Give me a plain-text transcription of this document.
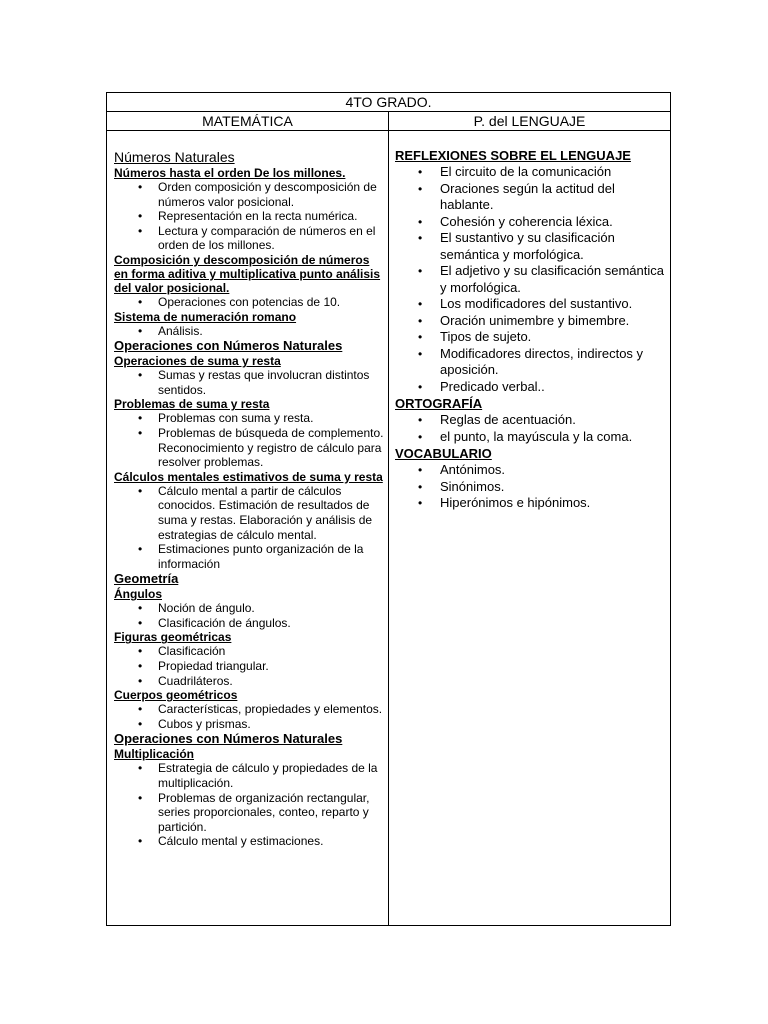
4TO GRADO.
MATEMÁTICA	P. del LENGUAJE
Números Naturales
Números hasta el orden De los millones.
• Orden composición y descomposición de números valor posicional.
• Representación en la recta numérica.
• Lectura y comparación de números en el orden de los millones.
Composición y descomposición de números en forma aditiva y multiplicativa punto análisis del valor posicional.
• Operaciones con potencias de 10.
Sistema de numeración romano
• Análisis.
Operaciones con Números Naturales
Operaciones de suma y resta
• Sumas y restas que involucran distintos sentidos.
Problemas de suma y resta
• Problemas con suma y resta.
• Problemas de búsqueda de complemento. Reconocimiento y registro de cálculo para resolver problemas.
Cálculos mentales estimativos de suma y resta
• Cálculo mental a partir de cálculos conocidos. Estimación de resultados de suma y restas. Elaboración y análisis de estrategias de cálculo mental.
• Estimaciones punto organización de la información
Geometría
Ángulos
• Noción de ángulo.
• Clasificación de ángulos.
Figuras geométricas
• Clasificación
• Propiedad triangular.
• Cuadriláteros.
Cuerpos geométricos
• Características, propiedades y elementos.
• Cubos y prismas.
Operaciones con Números Naturales
Multiplicación
• Estrategia de cálculo y propiedades de la multiplicación.
• Problemas de organización rectangular, series proporcionales, conteo, reparto y partición.
• Cálculo mental y estimaciones.
REFLEXIONES SOBRE EL LENGUAJE
• El circuito de la comunicación
• Oraciones según la actitud del hablante.
• Cohesión y coherencia léxica.
• El sustantivo y su clasificación semántica y morfológica.
• El adjetivo y su clasificación semántica y morfológica.
• Los modificadores del sustantivo.
• Oración unimembre y bimembre.
• Tipos de sujeto.
• Modificadores directos, indirectos y aposición.
• Predicado verbal..
ORTOGRAFÍA
• Reglas de acentuación.
• el punto, la mayúscula y la coma.
VOCABULARIO
• Antónimos.
• Sinónimos.
• Hiperónimos e hipónimos.
